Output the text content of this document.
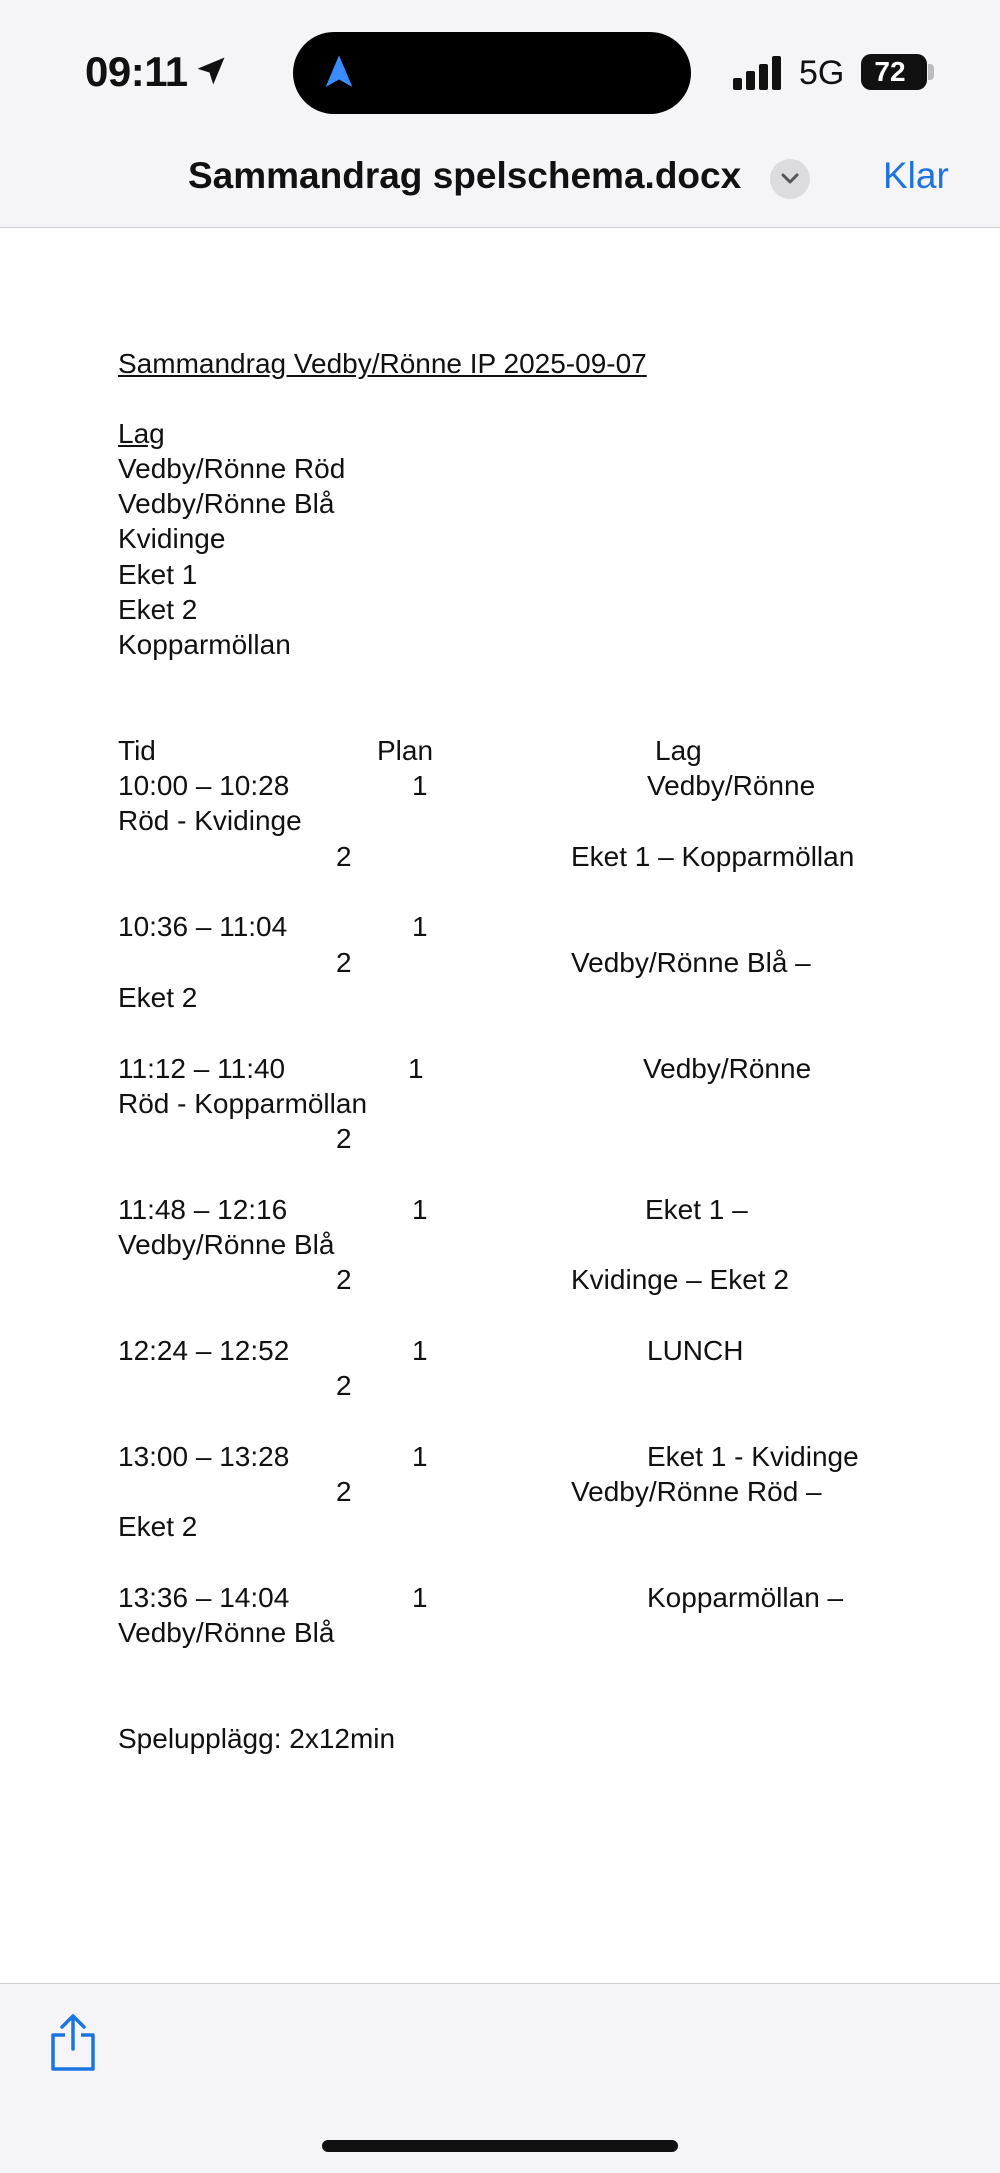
09:11	5G	72
Sammandrag spelschema.docx	Klar
Sammandrag Vedby/Rönne IP 2025-09-07
Lag
Vedby/Rönne Röd
Vedby/Rönne Blå
Kvidinge
Eket 1
Eket 2
Kopparmöllan
Tid	Plan	Lag
10:00 – 10:28	1	Vedby/Rönne
Röd - Kvidinge
2	Eket 1 – Kopparmöllan
10:36 – 11:04	1
2	Vedby/Rönne Blå –
Eket 2
11:12 – 11:40	1	Vedby/Rönne
Röd - Kopparmöllan
2
11:48 – 12:16	1	Eket 1 –
Vedby/Rönne Blå
2	Kvidinge – Eket 2
12:24 – 12:52	1	LUNCH
2
13:00 – 13:28	1	Eket 1 - Kvidinge
2	Vedby/Rönne Röd –
Eket 2
13:36 – 14:04	1	Kopparmöllan –
Vedby/Rönne Blå
Spelupplägg: 2x12min
